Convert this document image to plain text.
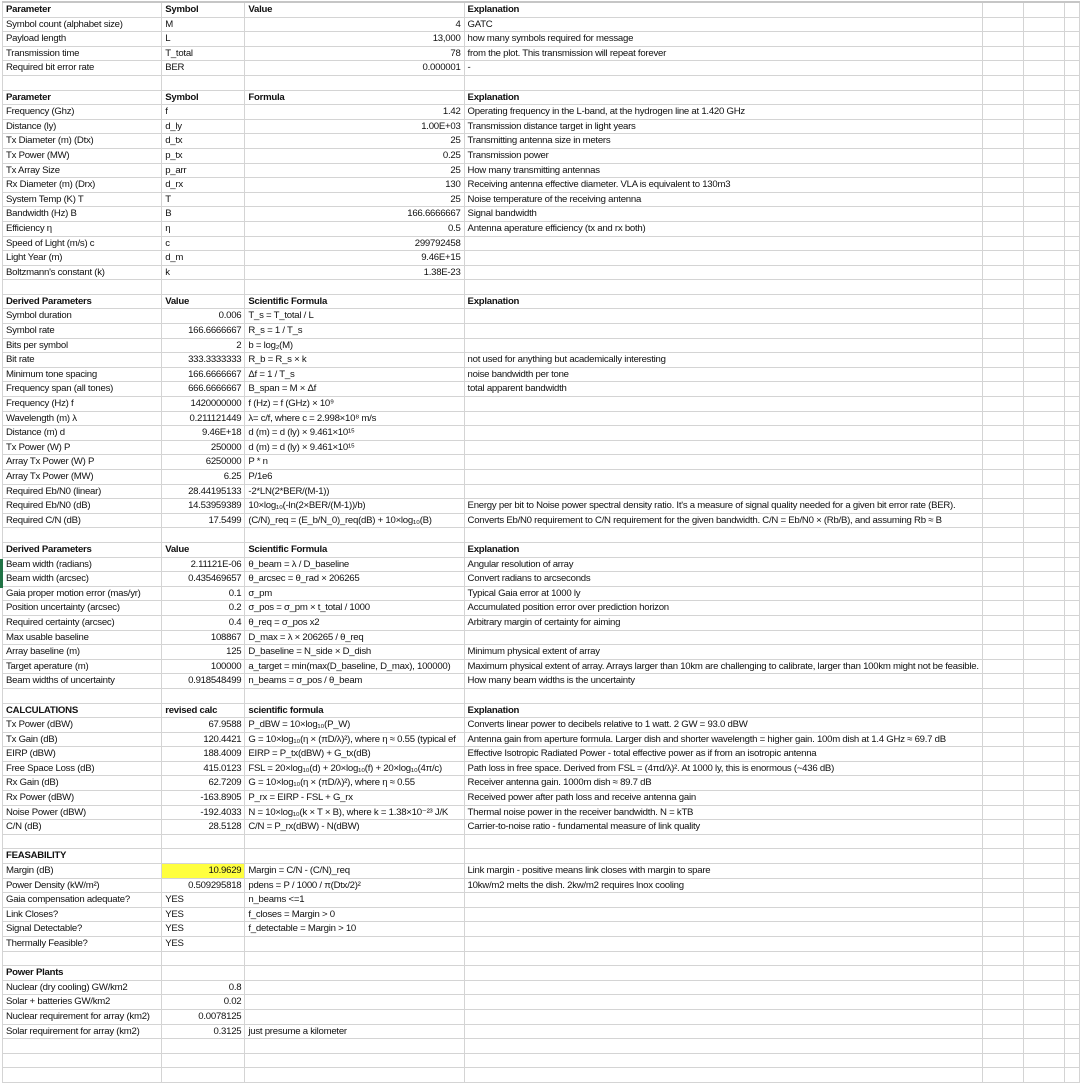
Parameter	Symbol	Value	Explanation			
Symbol count (alphabet size)	M	4	GATC			
Payload length	L	13,000	how many symbols required for message			
Transmission time	T_total	78	from the plot. This transmission will repeat forever			
Required bit error rate	BER	0.000001	-			

Parameter	Symbol	Formula	Explanation			
Frequency (Ghz)	f	1.42	Operating frequency in the L-band, at the hydrogen line at 1.420 GHz			
Distance (ly)	d_ly	1.00E+03	Transmission distance target in light years			
Tx Diameter (m) (Dtx)	d_tx	25	Transmitting antenna size in meters			
Tx Power (MW)	p_tx	0.25	Transmission power			
Tx Array Size	p_arr	25	How many transmitting antennas			
Rx Diameter (m) (Drx)	d_rx	130	Receiving antenna effective diameter. VLA is equivalent to 130m3			
System Temp (K) T	T	25	Noise temperature of the receiving antenna			
Bandwidth (Hz) B	B	166.6666667	Signal bandwidth			
Efficiency η	η	0.5	Antenna aperature efficiency (tx and rx both)			
Speed of Light (m/s) c	c	299792458				
Light Year (m)	d_m	9.46E+15				
Boltzmann's constant (k)	k	1.38E-23				

Derived Parameters	Value	Scientific Formula	Explanation			
Symbol duration	0.006	T_s = T_total / L				
Symbol rate	166.6666667	R_s = 1 / T_s				
Bits per symbol	2	b = log₂(M)				
Bit rate	333.3333333	R_b = R_s × k	not used for anything but academically interesting			
Minimum tone spacing	166.6666667	Δf = 1 / T_s	noise bandwidth per tone			
Frequency span (all tones)	666.6666667	B_span = M × Δf	total apparent bandwidth			
Frequency (Hz) f	1420000000	f (Hz) = f (GHz) × 10⁹				
Wavelength (m) λ	0.211121449	λ= c/f, where c = 2.998×10⁸ m/s				
Distance (m) d	9.46E+18	d (m) = d (ly) × 9.461×10¹⁵				
Tx Power (W) P	250000	d (m) = d (ly) × 9.461×10¹⁵				
Array Tx Power (W) P	6250000	P * n				
Array Tx Power (MW)	6.25	P/1e6				
Required Eb/N0 (linear)	28.44195133	-2*LN(2*BER/(M-1))				
Required Eb/N0 (dB)	14.53959389	10×log₁₀(-ln(2×BER/(M-1))/b)	Energy per bit to Noise power spectral density ratio. It's a measure of signal quality needed for a given bit error rate (BER).			
Required C/N (dB)	17.5499	(C/N)_req = (E_b/N_0)_req(dB) + 10×log₁₀(B)	Converts Eb/N0 requirement to C/N requirement for the given bandwidth. C/N = Eb/N0 × (Rb/B), and assuming Rb ≈ B			

Derived Parameters	Value	Scientific Formula	Explanation			
Beam width (radians)	2.11121E-06	θ_beam = λ / D_baseline	Angular resolution of array			
Beam width (arcsec)	0.435469657	θ_arcsec = θ_rad × 206265	Convert radians to arcseconds			
Gaia proper motion error (mas/yr)	0.1	σ_pm	Typical Gaia error at 1000 ly			
Position uncertainty (arcsec)	0.2	σ_pos = σ_pm × t_total / 1000	Accumulated position error over prediction horizon			
Required certainty (arcsec)	0.4	θ_req = σ_pos x2	Arbitrary margin of certainty for aiming			
Max usable baseline	108867	D_max = λ × 206265 / θ_req				
Array baseline (m)	125	D_baseline = N_side × D_dish	Minimum physical extent of array			
Target aperature (m)	100000	a_target = min(max(D_baseline, D_max), 100000)	Maximum physical extent of array. Arrays larger than 10km are challenging to calibrate, larger than 100km might not be feasible.			
Beam widths of uncertainty	0.918548499	n_beams = σ_pos / θ_beam	How many beam widths is the uncertainty			

CALCULATIONS	revised calc	scientific formula	Explanation			
Tx Power (dBW)	67.9588	P_dBW = 10×log₁₀(P_W)	Converts linear power to decibels relative to 1 watt. 2 GW = 93.0 dBW			
Tx Gain (dB)	120.4421	G = 10×log₁₀(η × (πD/λ)²), where η ≈ 0.55 (typical ef	Antenna gain from aperture formula. Larger dish and shorter wavelength = higher gain. 100m dish at 1.4 GHz ≈ 69.7 dB			
EIRP (dBW)	188.4009	EIRP = P_tx(dBW) + G_tx(dB)	Effective Isotropic Radiated Power - total effective power as if from an isotropic antenna			
Free Space Loss (dB)	415.0123	FSL = 20×log₁₀(d) + 20×log₁₀(f) + 20×log₁₀(4π/c)	Path loss in free space. Derived from FSL = (4πd/λ)². At 1000 ly, this is enormous (~436 dB)			
Rx Gain (dB)	62.7209	G = 10×log₁₀(η × (πD/λ)²), where η ≈ 0.55	Receiver antenna gain. 1000m dish ≈ 89.7 dB			
Rx Power (dBW)	-163.8905	P_rx = EIRP - FSL + G_rx	Received power after path loss and receive antenna gain			
Noise Power (dBW)	-192.4033	N = 10×log₁₀(k × T × B), where k = 1.38×10⁻²³ J/K	Thermal noise power in the receiver bandwidth. N = kTB			
C/N (dB)	28.5128	C/N = P_rx(dBW) - N(dBW)	Carrier-to-noise ratio - fundamental measure of link quality			

FEASABILITY						
Margin (dB)	10.9629	Margin = C/N - (C/N)_req	Link margin - positive means link closes with margin to spare			
Power Density (kW/m²)	0.509295818	pdens = P / 1000 / π(Dtx/2)²	10kw/m2 melts the dish. 2kw/m2 requires lnox cooling			
Gaia compensation adequate?	YES	n_beams <=1				
Link Closes?	YES	f_closes = Margin > 0				
Signal Detectable?	YES	f_detectable = Margin > 10				
Thermally Feasible?	YES					

Power Plants						
Nuclear (dry cooling) GW/km2	0.8					
Solar + batteries GW/km2	0.02					
Nuclear requirement for array (km2)	0.0078125					
Solar requirement for array (km2)	0.3125	just presume a kilometer				
